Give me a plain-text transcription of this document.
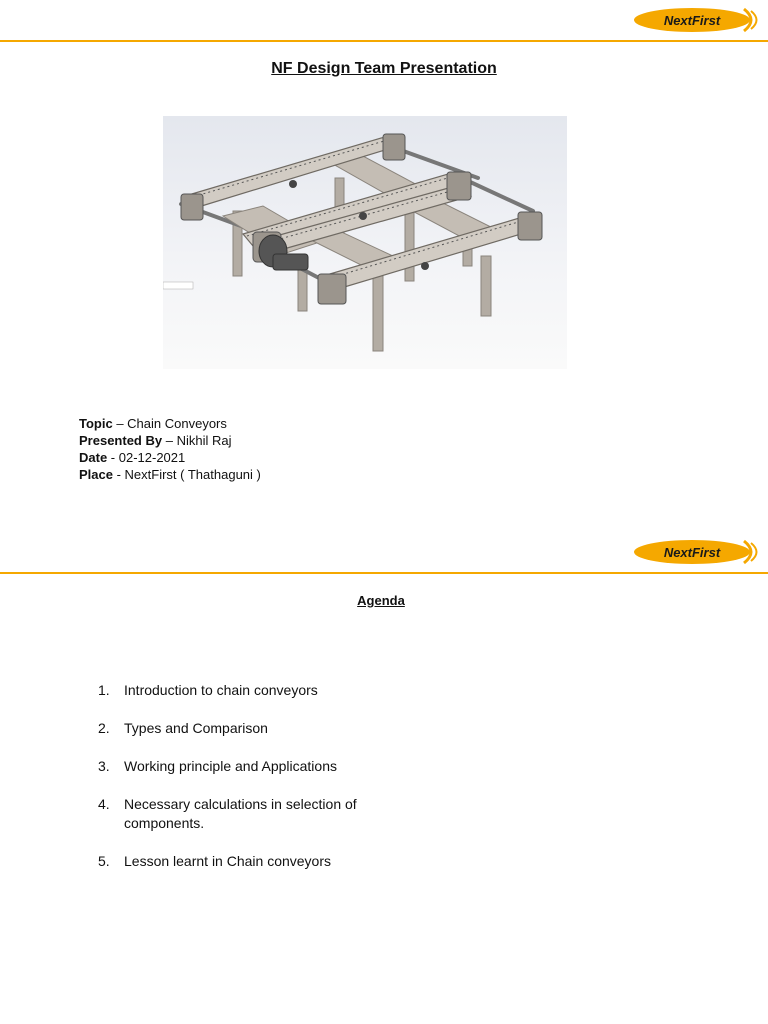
NextFirst
NF Design Team Presentation
Topic – Chain Conveyors
Presented By – Nikhil Raj
Date - 02-12-2021
Place - NextFirst ( Thathaguni )
NextFirst
Agenda
1.	Introduction to chain conveyors
2.	Types and Comparison
3.	Working principle and Applications
4.	Necessary calculations in selection of components.
5.	Lesson learnt in Chain conveyors
